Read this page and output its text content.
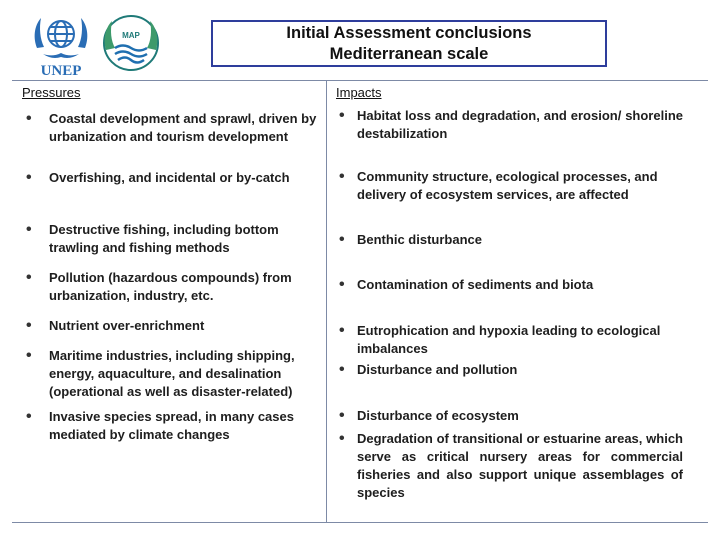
UNEP
MAP	Initial Assessment conclusions
Mediterranean scale
Pressures	Impacts
• Coastal development and sprawl, driven by urbanization and tourism development
• Overfishing, and incidental or by-catch
• Destructive fishing, including bottom trawling and fishing methods
• Pollution (hazardous compounds) from urbanization, industry, etc.
• Nutrient over-enrichment
• Maritime industries, including shipping, energy, aquaculture, and desalination (operational as well as disaster-related)
• Invasive species spread, in many cases mediated by climate changes
• Habitat loss and degradation, and erosion/ shoreline destabilization
• Community structure, ecological processes, and delivery of ecosystem services, are affected
• Benthic disturbance
• Contamination of sediments and biota
• Eutrophication and hypoxia leading to ecological imbalances
• Disturbance and pollution
• Disturbance of ecosystem
• Degradation of transitional or estuarine areas, which serve as critical nursery areas for commercial fisheries and also support unique assemblages of species
